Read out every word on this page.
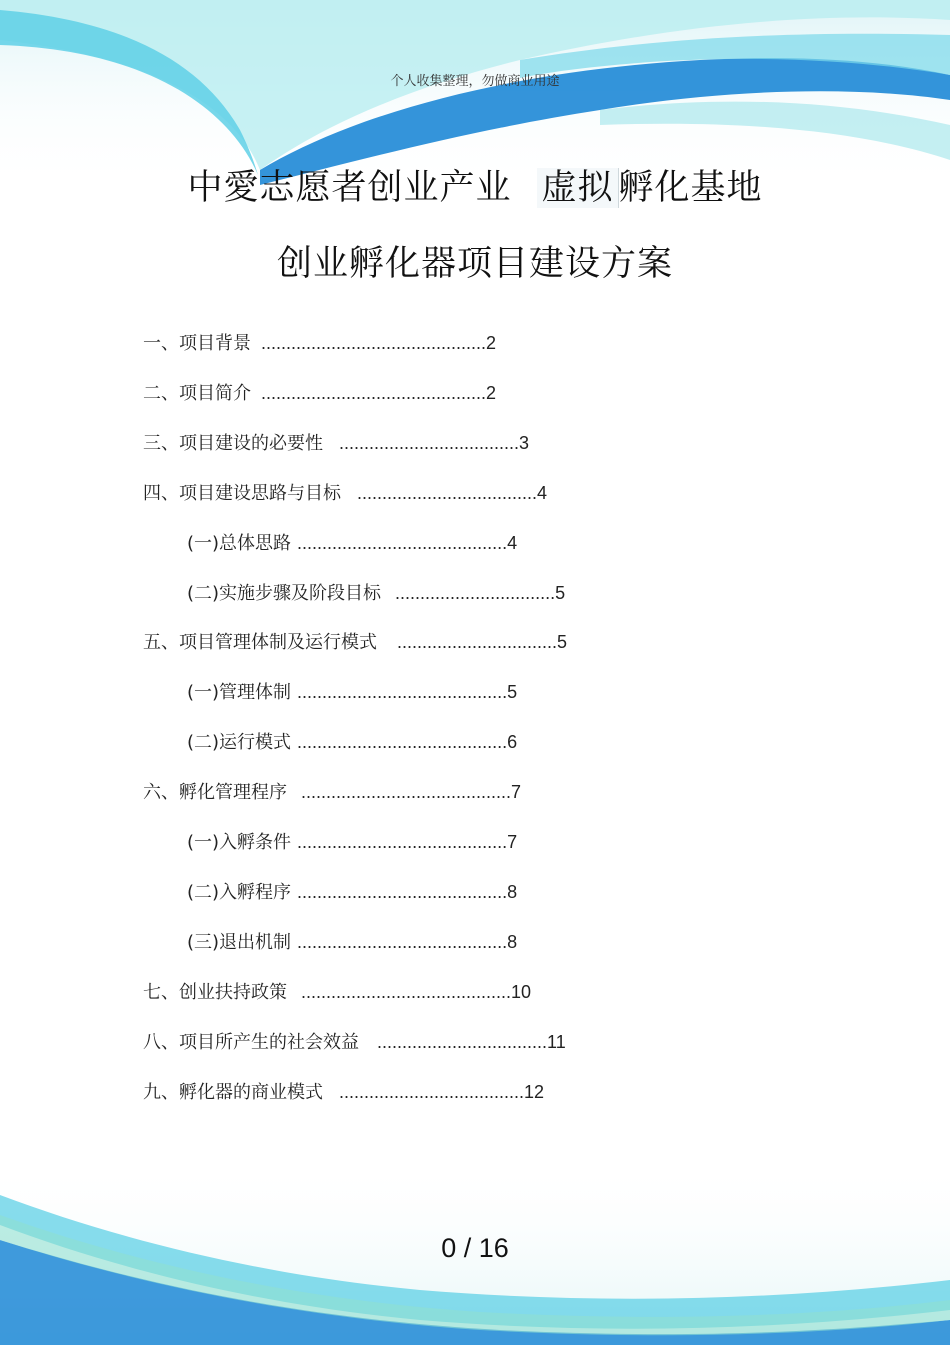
个人收集整理，勿做商业用途
中愛志愿者创业产业 虚拟 孵化基地
创业孵化器项目建设方案
一、项目背景 .............................................2
二、项目简介 .............................................2
三、项目建设的必要性 ....................................3
四、项目建设思路与目标 ....................................4
(一)总体思路 ..........................................4
(二)实施步骤及阶段目标 ................................5
五、项目管理体制及运行模式 ................................5
(一)管理体制 ..........................................5
(二)运行模式 ..........................................6
六、孵化管理程序 ..........................................7
(一)入孵条件 ..........................................7
(二)入孵程序 ..........................................8
(三)退出机制 ..........................................8
七、创业扶持政策 ..........................................10
八、项目所产生的社会效益 ..................................11
九、孵化器的商业模式 .....................................12
0 / 16
